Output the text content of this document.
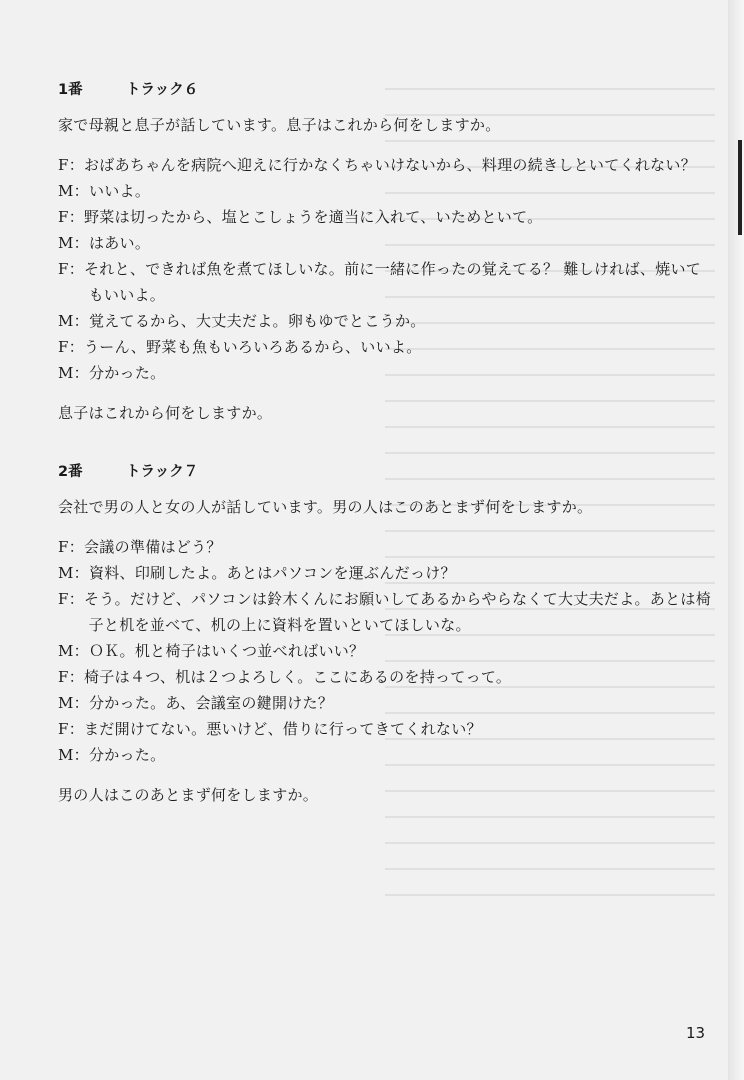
1番	トラック６
家で母親と息子が話しています。息子はこれから何をしますか。
F：おばあちゃんを病院へ迎えに行かなくちゃいけないから、料理の続きしといてくれない？
M：いいよ。
F：野菜は切ったから、塩とこしょうを適当に入れて、いためといて。
M：はあい。
F：それと、できれば魚を煮てほしいな。前に一緒に作ったの覚えてる？ 難しければ、焼いて
　　もいいよ。
M：覚えてるから、大丈夫だよ。卵もゆでとこうか。
F：うーん、野菜も魚もいろいろあるから、いいよ。
M：分かった。
息子はこれから何をしますか。
2番	トラック７
会社で男の人と女の人が話しています。男の人はこのあとまず何をしますか。
F：会議の準備はどう？
M：資料、印刷したよ。あとはパソコンを運ぶんだっけ？
F：そう。だけど、パソコンは鈴木くんにお願いしてあるからやらなくて大丈夫だよ。あとは椅
　　子と机を並べて、机の上に資料を置いといてほしいな。
M：ＯＫ。机と椅子はいくつ並べればいい？
F：椅子は４つ、机は２つよろしく。ここにあるのを持ってって。
M：分かった。あ、会議室の鍵開けた？
F：まだ開けてない。悪いけど、借りに行ってきてくれない？
M：分かった。
男の人はこのあとまず何をしますか。
13
